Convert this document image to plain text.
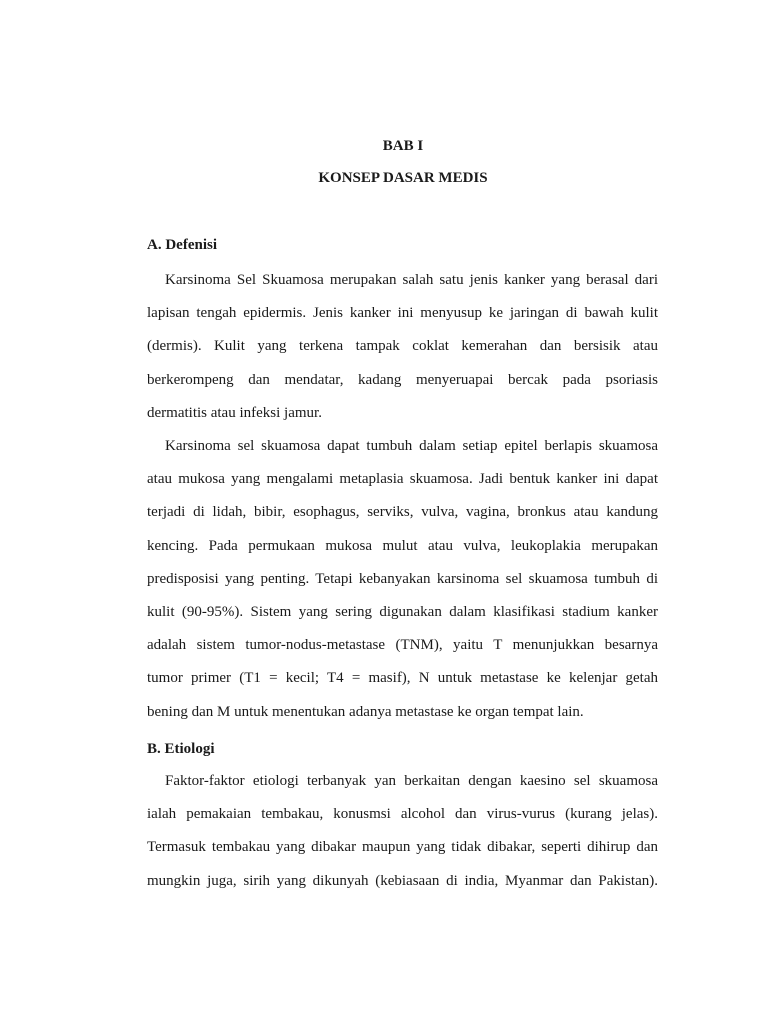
BAB I
KONSEP DASAR MEDIS
A. Defenisi
Karsinoma Sel Skuamosa merupakan salah satu jenis kanker yang berasal dari
lapisan tengah epidermis. Jenis kanker ini menyusup ke jaringan di bawah kulit
(dermis). Kulit yang terkena tampak coklat kemerahan dan bersisik atau
berkerompeng dan mendatar, kadang menyeruapai bercak pada psoriasis
dermatitis atau infeksi jamur.
Karsinoma sel skuamosa dapat tumbuh dalam setiap epitel berlapis skuamosa
atau mukosa yang mengalami metaplasia skuamosa. Jadi bentuk kanker ini dapat
terjadi di lidah, bibir, esophagus, serviks, vulva, vagina, bronkus atau kandung
kencing. Pada permukaan mukosa mulut atau vulva, leukoplakia merupakan
predisposisi yang penting. Tetapi kebanyakan karsinoma sel skuamosa tumbuh di
kulit (90-95%). Sistem yang sering digunakan dalam klasifikasi stadium kanker
adalah sistem tumor-nodus-metastase (TNM), yaitu T menunjukkan besarnya
tumor primer (T1 = kecil; T4 = masif), N untuk metastase ke kelenjar getah
bening dan M untuk menentukan adanya metastase ke organ tempat lain.
B. Etiologi
Faktor-faktor etiologi terbanyak yan berkaitan dengan kaesino sel skuamosa
ialah pemakaian tembakau, konusmsi alcohol dan virus-vurus (kurang jelas).
Termasuk tembakau yang dibakar maupun yang tidak dibakar, seperti dihirup dan
mungkin juga, sirih yang dikunyah (kebiasaan di india, Myanmar dan Pakistan).
